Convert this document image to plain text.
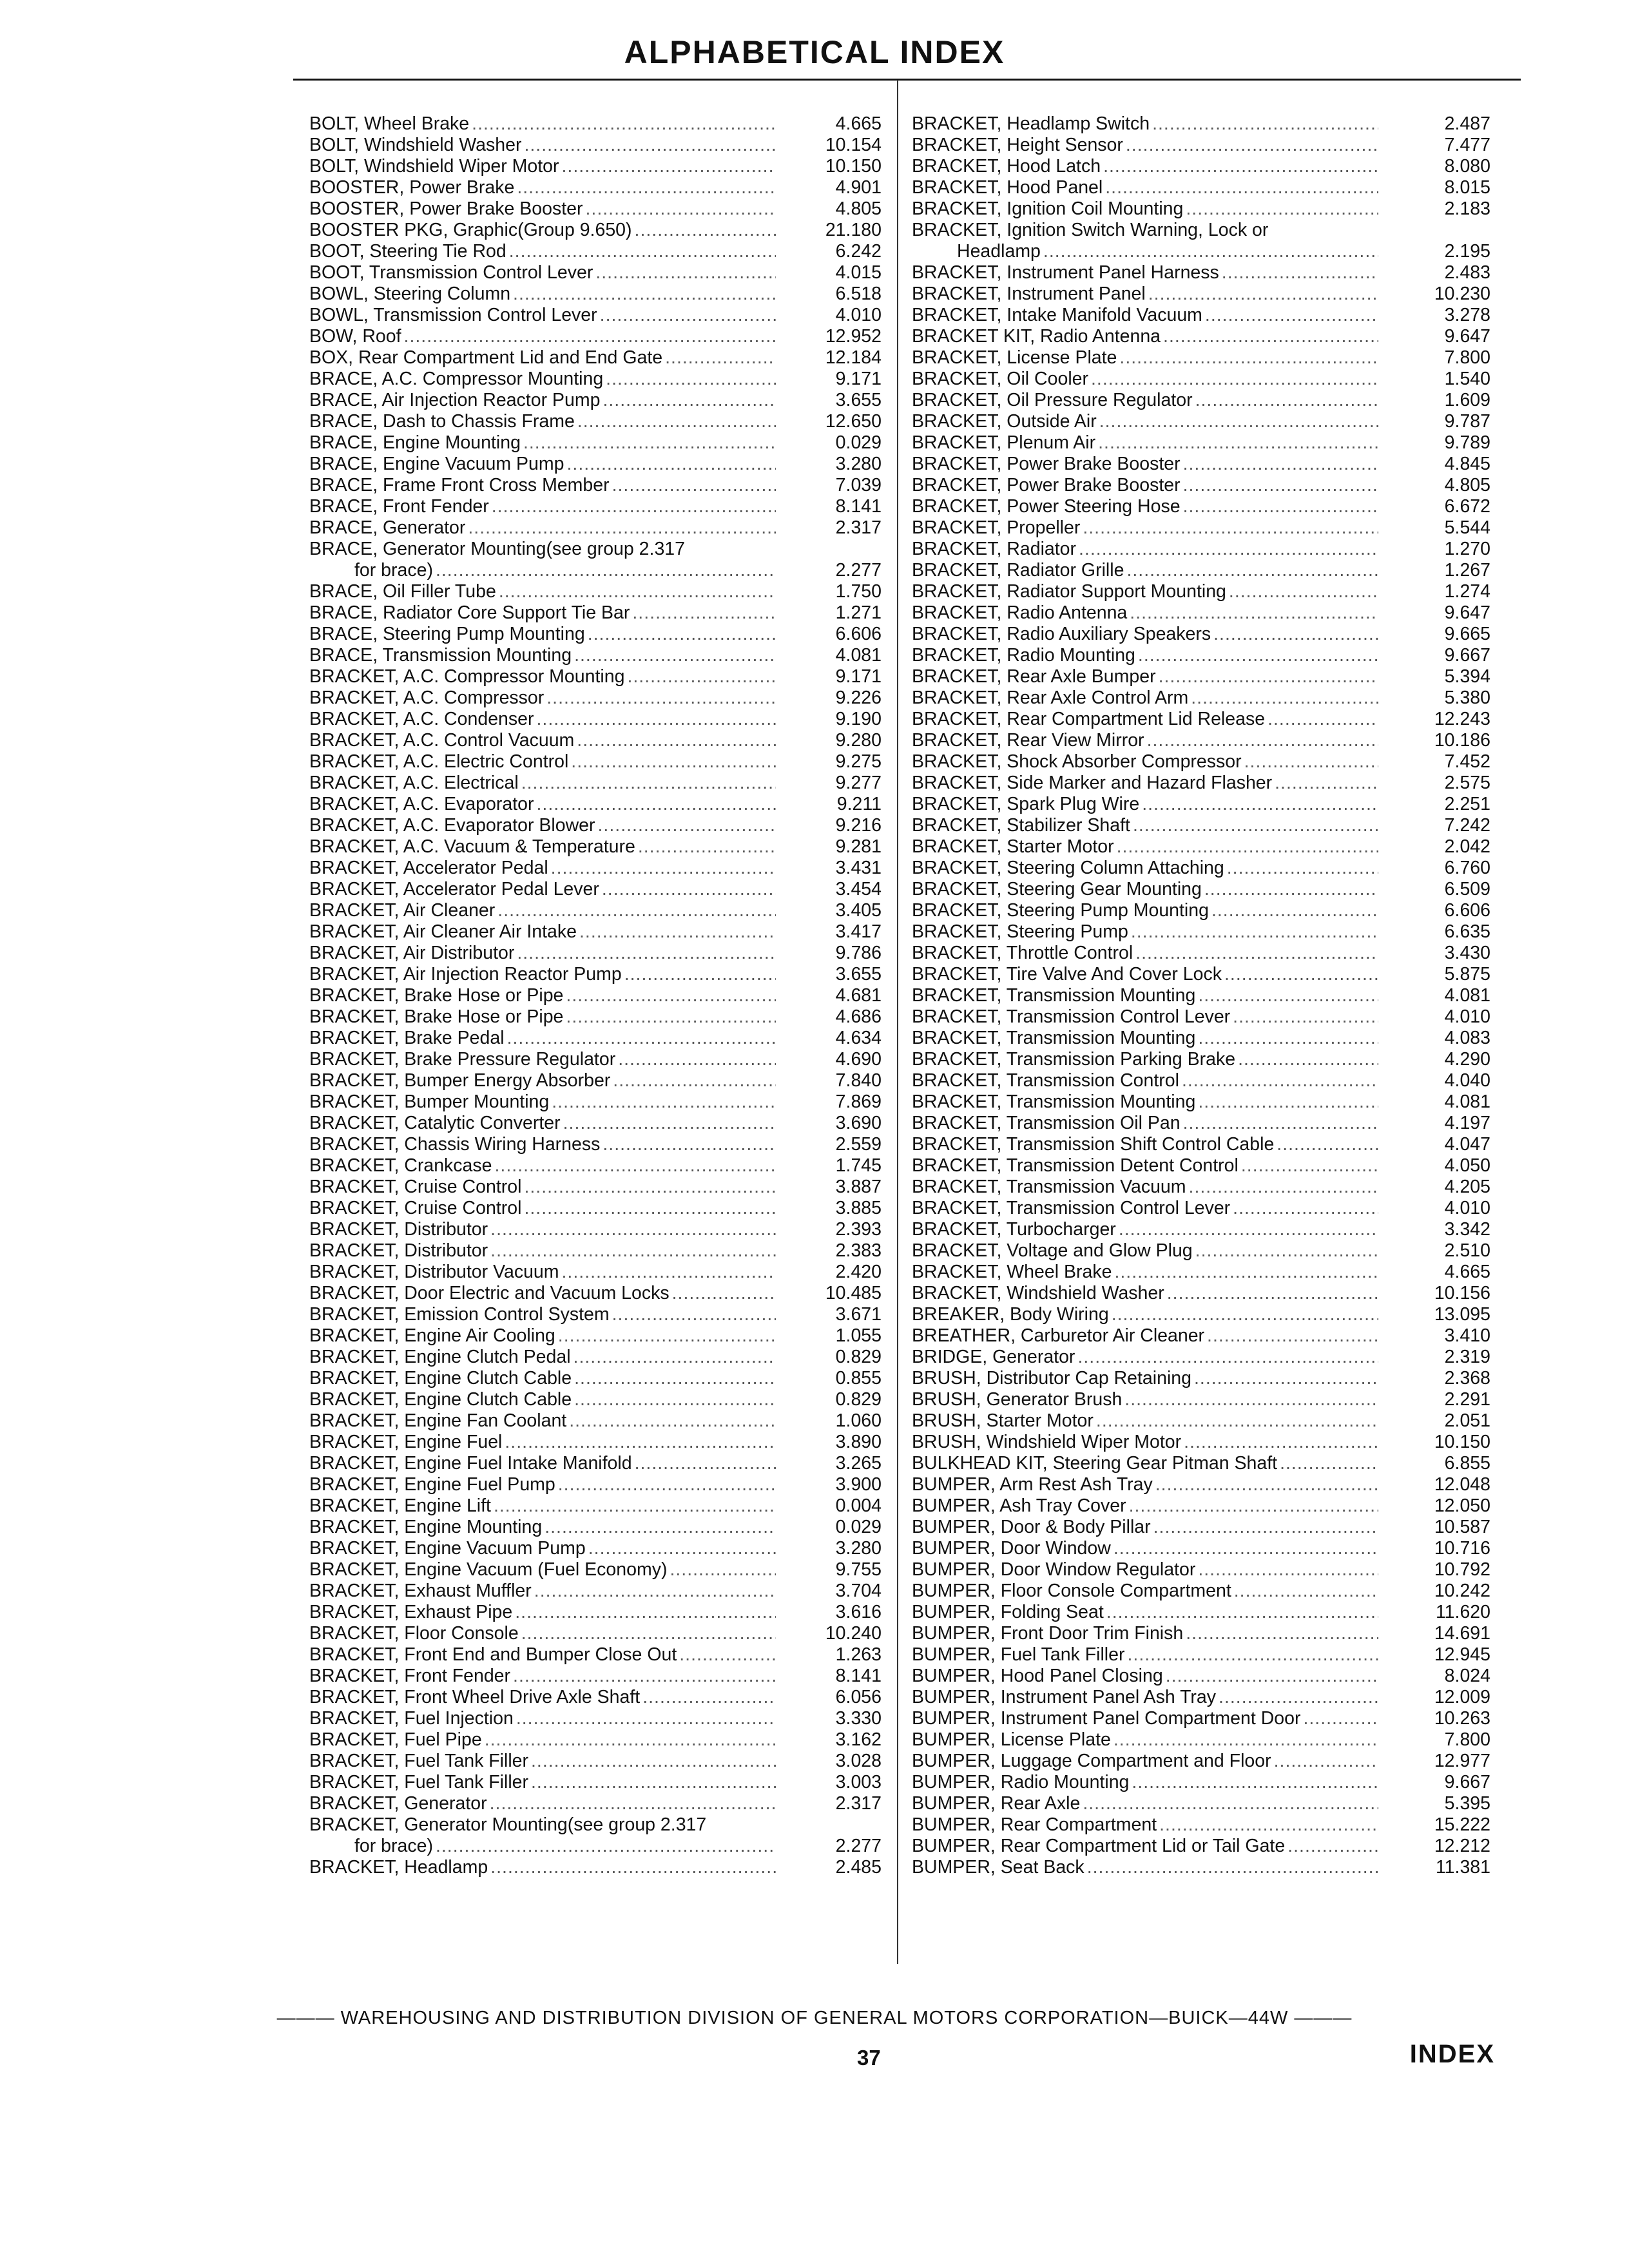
ALPHABETICAL INDEX
BOLT, Wheel Brake .....	4.665
BOLT, Windshield Washer .....	10.154
BOLT, Windshield Wiper Motor .....	10.150
BOOSTER, Power Brake .....	4.901
BOOSTER, Power Brake Booster .....	4.805
BOOSTER PKG, Graphic(Group 9.650) .....	21.180
BOOT, Steering Tie Rod .....	6.242
BOOT, Transmission Control Lever .....	4.015
BOWL, Steering Column .....	6.518
BOWL, Transmission Control Lever .....	4.010
BOW, Roof .....	12.952
BOX, Rear Compartment Lid and End Gate .....	12.184
BRACE, A.C. Compressor Mounting .....	9.171
BRACE, Air Injection Reactor Pump .....	3.655
BRACE, Dash to Chassis Frame .....	12.650
BRACE, Engine Mounting .....	0.029
BRACE, Engine Vacuum Pump .....	3.280
BRACE, Frame Front Cross Member .....	7.039
BRACE, Front Fender .....	8.141
BRACE, Generator .....	2.317
BRACE, Generator Mounting(see group 2.317
for brace) .....	2.277
BRACE, Oil Filler Tube .....	1.750
BRACE, Radiator Core Support Tie Bar .....	1.271
BRACE, Steering Pump Mounting .....	6.606
BRACE, Transmission Mounting .....	4.081
BRACKET, A.C. Compressor Mounting .....	9.171
BRACKET, A.C. Compressor .....	9.226
BRACKET, A.C. Condenser .....	9.190
BRACKET, A.C. Control Vacuum .....	9.280
BRACKET, A.C. Electric Control .....	9.275
BRACKET, A.C. Electrical .....	9.277
BRACKET, A.C. Evaporator .....	9.211
BRACKET, A.C. Evaporator Blower .....	9.216
BRACKET, A.C. Vacuum & Temperature .....	9.281
BRACKET, Accelerator Pedal .....	3.431
BRACKET, Accelerator Pedal Lever .....	3.454
BRACKET, Air Cleaner .....	3.405
BRACKET, Air Cleaner Air Intake .....	3.417
BRACKET, Air Distributor .....	9.786
BRACKET, Air Injection Reactor Pump .....	3.655
BRACKET, Brake Hose or Pipe .....	4.681
BRACKET, Brake Hose or Pipe .....	4.686
BRACKET, Brake Pedal .....	4.634
BRACKET, Brake Pressure Regulator .....	4.690
BRACKET, Bumper Energy Absorber .....	7.840
BRACKET, Bumper Mounting .....	7.869
BRACKET, Catalytic Converter .....	3.690
BRACKET, Chassis Wiring Harness .....	2.559
BRACKET, Crankcase .....	1.745
BRACKET, Cruise Control .....	3.887
BRACKET, Cruise Control .....	3.885
BRACKET, Distributor .....	2.393
BRACKET, Distributor .....	2.383
BRACKET, Distributor Vacuum .....	2.420
BRACKET, Door Electric and Vacuum Locks .....	10.485
BRACKET, Emission Control System .....	3.671
BRACKET, Engine Air Cooling .....	1.055
BRACKET, Engine Clutch Pedal .....	0.829
BRACKET, Engine Clutch Cable .....	0.855
BRACKET, Engine Clutch Cable .....	0.829
BRACKET, Engine Fan Coolant .....	1.060
BRACKET, Engine Fuel .....	3.890
BRACKET, Engine Fuel Intake Manifold .....	3.265
BRACKET, Engine Fuel Pump .....	3.900
BRACKET, Engine Lift .....	0.004
BRACKET, Engine Mounting .....	0.029
BRACKET, Engine Vacuum Pump .....	3.280
BRACKET, Engine Vacuum (Fuel Economy) .....	9.755
BRACKET, Exhaust Muffler .....	3.704
BRACKET, Exhaust Pipe .....	3.616
BRACKET, Floor Console .....	10.240
BRACKET, Front End and Bumper Close Out .....	1.263
BRACKET, Front Fender .....	8.141
BRACKET, Front Wheel Drive Axle Shaft .....	6.056
BRACKET, Fuel Injection .....	3.330
BRACKET, Fuel Pipe .....	3.162
BRACKET, Fuel Tank Filler .....	3.028
BRACKET, Fuel Tank Filler .....	3.003
BRACKET, Generator .....	2.317
BRACKET, Generator Mounting(see group 2.317
for brace) .....	2.277
BRACKET, Headlamp .....	2.485
BRACKET, Headlamp Switch .....	2.487
BRACKET, Height Sensor .....	7.477
BRACKET, Hood Latch .....	8.080
BRACKET, Hood Panel .....	8.015
BRACKET, Ignition Coil Mounting .....	2.183
BRACKET, Ignition Switch Warning, Lock or
Headlamp .....	2.195
BRACKET, Instrument Panel Harness .....	2.483
BRACKET, Instrument Panel .....	10.230
BRACKET, Intake Manifold Vacuum .....	3.278
BRACKET KIT, Radio Antenna .....	9.647
BRACKET, License Plate .....	7.800
BRACKET, Oil Cooler .....	1.540
BRACKET, Oil Pressure Regulator .....	1.609
BRACKET, Outside Air .....	9.787
BRACKET, Plenum Air .....	9.789
BRACKET, Power Brake Booster .....	4.845
BRACKET, Power Brake Booster .....	4.805
BRACKET, Power Steering Hose .....	6.672
BRACKET, Propeller .....	5.544
BRACKET, Radiator .....	1.270
BRACKET, Radiator Grille .....	1.267
BRACKET, Radiator Support Mounting .....	1.274
BRACKET, Radio Antenna .....	9.647
BRACKET, Radio Auxiliary Speakers .....	9.665
BRACKET, Radio Mounting .....	9.667
BRACKET, Rear Axle Bumper .....	5.394
BRACKET, Rear Axle Control Arm .....	5.380
BRACKET, Rear Compartment Lid Release .....	12.243
BRACKET, Rear View Mirror .....	10.186
BRACKET, Shock Absorber Compressor .....	7.452
BRACKET, Side Marker and Hazard Flasher .....	2.575
BRACKET, Spark Plug Wire .....	2.251
BRACKET, Stabilizer Shaft .....	7.242
BRACKET, Starter Motor .....	2.042
BRACKET, Steering Column Attaching .....	6.760
BRACKET, Steering Gear Mounting .....	6.509
BRACKET, Steering Pump Mounting .....	6.606
BRACKET, Steering Pump .....	6.635
BRACKET, Throttle Control .....	3.430
BRACKET, Tire Valve And Cover Lock .....	5.875
BRACKET, Transmission Mounting .....	4.081
BRACKET, Transmission Control Lever .....	4.010
BRACKET, Transmission Mounting .....	4.083
BRACKET, Transmission Parking Brake .....	4.290
BRACKET, Transmission Control .....	4.040
BRACKET, Transmission Mounting .....	4.081
BRACKET, Transmission Oil Pan .....	4.197
BRACKET, Transmission Shift Control Cable .....	4.047
BRACKET, Transmission Detent Control .....	4.050
BRACKET, Transmission Vacuum .....	4.205
BRACKET, Transmission Control Lever .....	4.010
BRACKET, Turbocharger .....	3.342
BRACKET, Voltage and Glow Plug .....	2.510
BRACKET, Wheel Brake .....	4.665
BRACKET, Windshield Washer .....	10.156
BREAKER, Body Wiring .....	13.095
BREATHER, Carburetor Air Cleaner .....	3.410
BRIDGE, Generator .....	2.319
BRUSH, Distributor Cap Retaining .....	2.368
BRUSH, Generator Brush .....	2.291
BRUSH, Starter Motor .....	2.051
BRUSH, Windshield Wiper Motor .....	10.150
BULKHEAD KIT, Steering Gear Pitman Shaft .....	6.855
BUMPER, Arm Rest Ash Tray .....	12.048
BUMPER, Ash Tray Cover .....	12.050
BUMPER, Door & Body Pillar .....	10.587
BUMPER, Door Window .....	10.716
BUMPER, Door Window Regulator .....	10.792
BUMPER, Floor Console Compartment .....	10.242
BUMPER, Folding Seat .....	11.620
BUMPER, Front Door Trim Finish .....	14.691
BUMPER, Fuel Tank Filler .....	12.945
BUMPER, Hood Panel Closing .....	8.024
BUMPER, Instrument Panel Ash Tray .....	12.009
BUMPER, Instrument Panel Compartment Door .....	10.263
BUMPER, License Plate .....	7.800
BUMPER, Luggage Compartment and Floor .....	12.977
BUMPER, Radio Mounting .....	9.667
BUMPER, Rear Axle .....	5.395
BUMPER, Rear Compartment .....	15.222
BUMPER, Rear Compartment Lid or Tail Gate .....	12.212
BUMPER, Seat Back .....	11.381
——— WAREHOUSING AND DISTRIBUTION DIVISION OF GENERAL MOTORS CORPORATION—BUICK—44W ———
37	INDEX
